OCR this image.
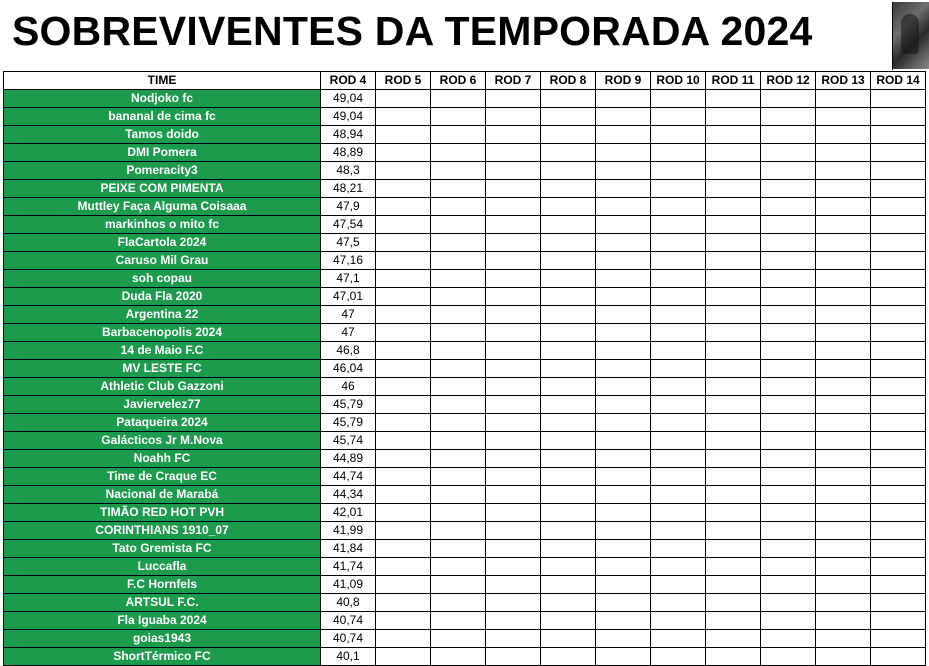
SOBREVIVENTES DA TEMPORADA 2024
TIME	ROD 4	ROD 5	ROD 6	ROD 7	ROD 8	ROD 9	ROD 10	ROD 11	ROD 12	ROD 13	ROD 14
Nodjoko fc	49,04										
bananal de cima fc	49,04										
Tamos doido	48,94										
DMI Pomera	48,89										
Pomeracity3	48,3										
PEIXE COM PIMENTA	48,21										
Muttley Faça Alguma Coisaaa	47,9										
markinhos o mito fc	47,54										
FlaCartola 2024	47,5										
Caruso Mil Grau	47,16										
soh copau	47,1										
Duda Fla 2020	47,01										
Argentina 22	47										
Barbacenopolis 2024	47										
14 de Maio F.C	46,8										
MV LESTE FC	46,04										
Athletic Club Gazzoni	46										
Javiervelez77	45,79										
Pataqueira 2024	45,79										
Galácticos Jr M.Nova	45,74										
Noahh FC	44,89										
Time de Craque EC	44,74										
Nacional de Marabá	44,34										
TIMÃO RED HOT PVH	42,01										
CORINTHIANS 1910_07	41,99										
Tato Gremista FC	41,84										
Luccafla	41,74										
F.C Hornfels	41,09										
ARTSUL F.C.	40,8										
Fla Iguaba 2024	40,74										
goias1943	40,74										
ShortTérmico FC	40,1										
